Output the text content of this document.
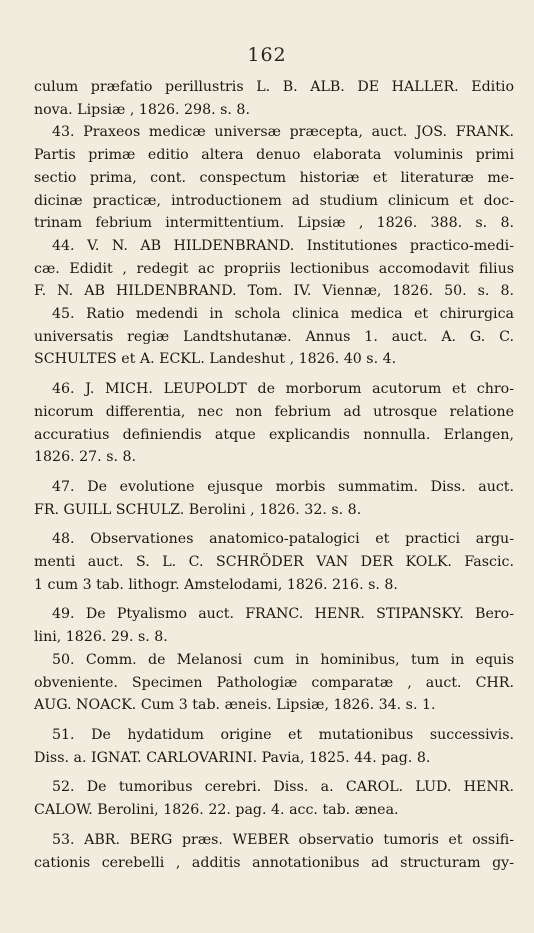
162
culum præfatio perillustris L. B. ALB. DE HALLER. Editio
nova. Lipsiæ , 1826. 298. s. 8.
43. Praxeos medicæ universæ præcepta, auct. JOS. FRANK.
Partis primæ editio altera denuo elaborata voluminis primi
sectio prima, cont. conspectum historiæ et literaturæ me-
dicinæ practicæ, introductionem ad studium clinicum et doc-
trinam febrium intermittentium. Lipsiæ , 1826. 388. s. 8.
44. V. N. AB HILDENBRAND. Institutiones practico-medi-
cæ. Edidit , redegit ac propriis lectionibus accomodavit filius
F. N. AB HILDENBRAND. Tom. IV. Viennæ, 1826. 50. s. 8.
45. Ratio medendi in schola clinica medica et chirurgica
universatis regiæ Landtshutanæ. Annus 1. auct. A. G. C.
SCHULTES et A. ECKL. Landeshut , 1826. 40 s. 4.
46. J. MICH. LEUPOLDT de morborum acutorum et chro-
nicorum differentia, nec non febrium ad utrosque relatione
accuratius definiendis atque explicandis nonnulla. Erlangen,
1826. 27. s. 8.
47. De evolutione ejusque morbis summatim. Diss. auct.
FR. GUILL SCHULZ. Berolini , 1826. 32. s. 8.
48. Observationes anatomico-patalogici et practici argu-
menti auct. S. L. C. SCHRÖDER VAN DER KOLK. Fascic.
1 cum 3 tab. lithogr. Amstelodami, 1826. 216. s. 8.
49. De Ptyalismo auct. FRANC. HENR. STIPANSKY. Bero-
lini, 1826. 29. s. 8.
50. Comm. de Melanosi cum in hominibus, tum in equis
obveniente. Specimen Pathologiæ comparatæ , auct. CHR.
AUG. NOACK. Cum 3 tab. æneis. Lipsiæ, 1826. 34. s. 1.
51. De hydatidum origine et mutationibus successivis.
Diss. a. IGNAT. CARLOVARINI. Pavia, 1825. 44. pag. 8.
52. De tumoribus cerebri. Diss. a. CAROL. LUD. HENR.
CALOW. Berolini, 1826. 22. pag. 4. acc. tab. ænea.
53. ABR. BERG præs. WEBER observatio tumoris et ossifi-
cationis cerebelli , additis annotationibus ad structuram gy-
